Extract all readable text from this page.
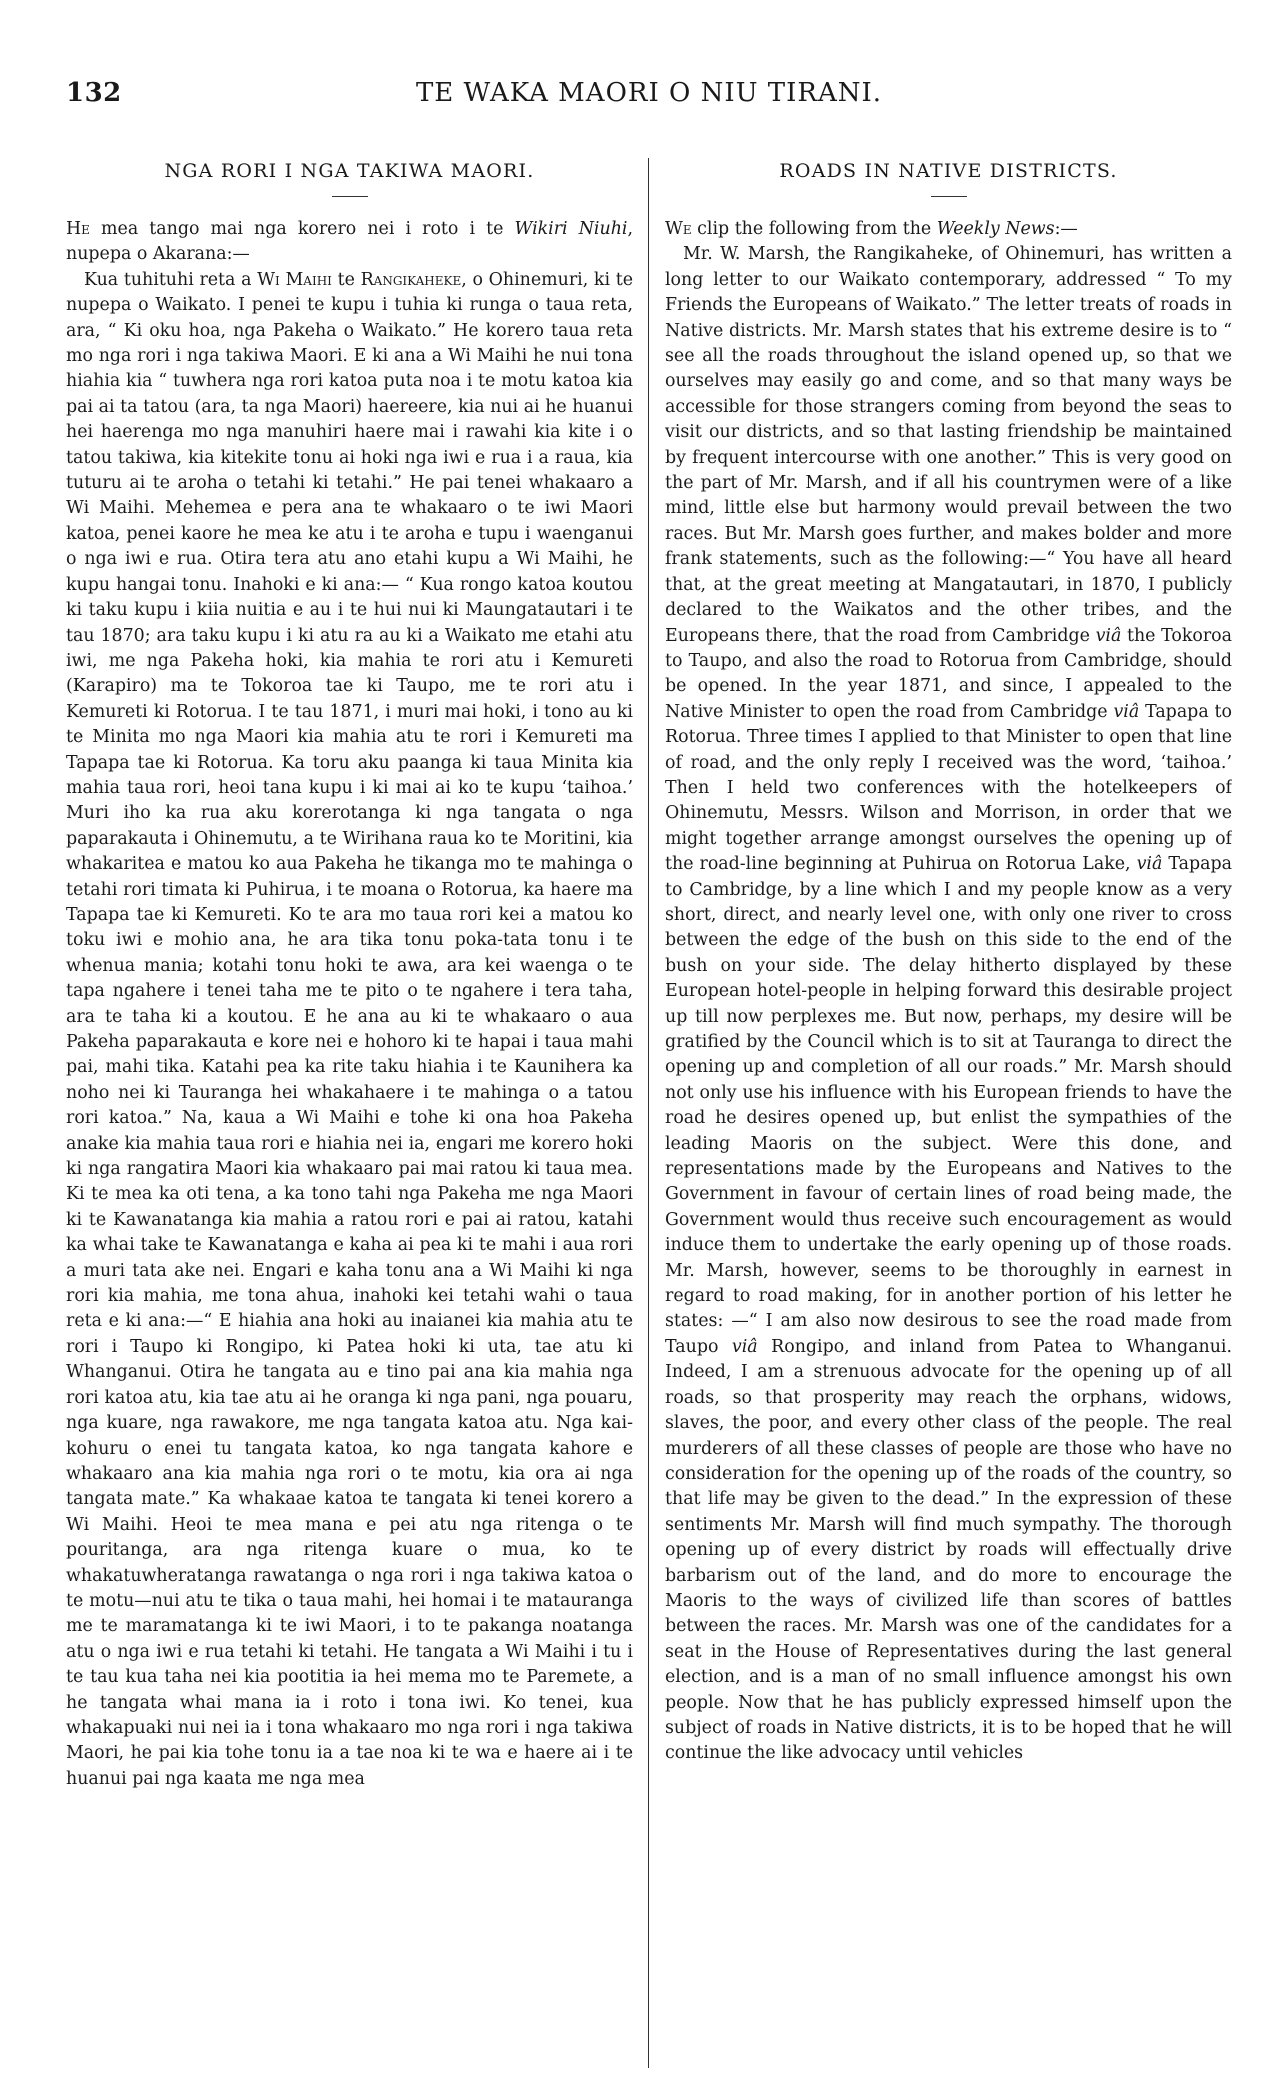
132	TE WAKA MAORI O NIU TIRANI.
NGA RORI I NGA TAKIWA MAORI.

He mea tango mai nga korero nei i roto i te Wikiri Niuhi, nupepa o Akarana:—

Kua tuhituhi reta a Wi Maihi te Rangikaheke, o Ohinemuri, ki te nupepa o Waikato. I penei te kupu i tuhia ki runga o taua reta, ara, “ Ki oku hoa, nga Pakeha o Waikato.” He korero taua reta mo nga rori i nga takiwa Maori. E ki ana a Wi Maihi he nui tona hiahia kia “ tuwhera nga rori katoa puta noa i te motu katoa kia pai ai ta tatou (ara, ta nga Maori) haereere, kia nui ai he huanui hei haerenga mo nga manuhiri haere mai i rawahi kia kite i o tatou takiwa, kia kitekite tonu ai hoki nga iwi e rua i a raua, kia tuturu ai te aroha o tetahi ki tetahi.” He pai tenei whakaaro a Wi Maihi. Mehemea e pera ana te whakaaro o te iwi Maori katoa, penei kaore he mea ke atu i te aroha e tupu i waenganui o nga iwi e rua. Otira tera atu ano etahi kupu a Wi Maihi, he kupu hangai tonu. Inahoki e ki ana:— “ Kua rongo katoa koutou ki taku kupu i kiia nuitia e au i te hui nui ki Maungatautari i te tau 1870; ara taku kupu i ki atu ra au ki a Waikato me etahi atu iwi, me nga Pakeha hoki, kia mahia te rori atu i Kemureti (Karapiro) ma te Tokoroa tae ki Taupo, me te rori atu i Kemureti ki Rotorua. I te tau 1871, i muri mai hoki, i tono au ki te Minita mo nga Maori kia mahia atu te rori i Kemureti ma Tapapa tae ki Rotorua. Ka toru aku paanga ki taua Minita kia mahia taua rori, heoi tana kupu i ki mai ai ko te kupu ‘taihoa.’ Muri iho ka rua aku korerotanga ki nga tangata o nga paparakauta i Ohinemutu, a te Wirihana raua ko te Moritini, kia whakaritea e matou ko aua Pakeha he tikanga mo te mahinga o tetahi rori timata ki Puhirua, i te moana o Rotorua, ka haere ma Tapapa tae ki Kemureti. Ko te ara mo taua rori kei a matou ko toku iwi e mohio ana, he ara tika tonu poka-tata tonu i te whenua mania; kotahi tonu hoki te awa, ara kei waenga o te tapa ngahere i tenei taha me te pito o te ngahere i tera taha, ara te taha ki a koutou. E he ana au ki te whakaaro o aua Pakeha paparakauta e kore nei e hohoro ki te hapai i taua mahi pai, mahi tika. Katahi pea ka rite taku hiahia i te Kaunihera ka noho nei ki Tauranga hei whakahaere i te mahinga o a tatou rori katoa.” Na, kaua a Wi Maihi e tohe ki ona hoa Pakeha anake kia mahia taua rori e hiahia nei ia, engari me korero hoki ki nga rangatira Maori kia whakaaro pai mai ratou ki taua mea. Ki te mea ka oti tena, a ka tono tahi nga Pakeha me nga Maori ki te Kawanatanga kia mahia a ratou rori e pai ai ratou, katahi ka whai take te Kawanatanga e kaha ai pea ki te mahi i aua rori a muri tata ake nei. Engari e kaha tonu ana a Wi Maihi ki nga rori kia mahia, me tona ahua, inahoki kei tetahi wahi o taua reta e ki ana:—“ E hiahia ana hoki au inaianei kia mahia atu te rori i Taupo ki Rongipo, ki Patea hoki ki uta, tae atu ki Whanganui. Otira he tangata au e tino pai ana kia mahia nga rori katoa atu, kia tae atu ai he oranga ki nga pani, nga pouaru, nga kuare, nga rawakore, me nga tangata katoa atu. Nga kai-kohuru o enei tu tangata katoa, ko nga tangata kahore e whakaaro ana kia mahia nga rori o te motu, kia ora ai nga tangata mate.” Ka whakaae katoa te tangata ki tenei korero a Wi Maihi. Heoi te mea mana e pei atu nga ritenga o te pouritanga, ara nga ritenga kuare o mua, ko te whakatuwheratanga rawatanga o nga rori i nga takiwa katoa o te motu—nui atu te tika o taua mahi, hei homai i te matauranga me te maramatanga ki te iwi Maori, i to te pakanga noatanga atu o nga iwi e rua tetahi ki tetahi. He tangata a Wi Maihi i tu i te tau kua taha nei kia pootitia ia hei mema mo te Paremete, a he tangata whai mana ia i roto i tona iwi. Ko tenei, kua whakapuaki nui nei ia i tona whakaaro mo nga rori i nga takiwa Maori, he pai kia tohe tonu ia a tae noa ki te wa e haere ai i te huanui pai nga kaata me nga mea

ROADS IN NATIVE DISTRICTS.

We clip the following from the Weekly News:—

Mr. W. Marsh, the Rangikaheke, of Ohinemuri, has written a long letter to our Waikato contemporary, addressed “ To my Friends the Europeans of Waikato.” The letter treats of roads in Native districts. Mr. Marsh states that his extreme desire is to “ see all the roads throughout the island opened up, so that we ourselves may easily go and come, and so that many ways be accessible for those strangers coming from beyond the seas to visit our districts, and so that lasting friendship be maintained by frequent intercourse with one another.” This is very good on the part of Mr. Marsh, and if all his countrymen were of a like mind, little else but harmony would prevail between the two races. But Mr. Marsh goes further, and makes bolder and more frank statements, such as the following:—“ You have all heard that, at the great meeting at Mangatautari, in 1870, I publicly declared to the Waikatos and the other tribes, and the Europeans there, that the road from Cambridge viâ the Tokoroa to Taupo, and also the road to Rotorua from Cambridge, should be opened. In the year 1871, and since, I appealed to the Native Minister to open the road from Cambridge viâ Tapapa to Rotorua. Three times I applied to that Minister to open that line of road, and the only reply I received was the word, ‘taihoa.’ Then I held two conferences with the hotelkeepers of Ohinemutu, Messrs. Wilson and Morrison, in order that we might together arrange amongst ourselves the opening up of the road-line beginning at Puhirua on Rotorua Lake, viâ Tapapa to Cambridge, by a line which I and my people know as a very short, direct, and nearly level one, with only one river to cross between the edge of the bush on this side to the end of the bush on your side. The delay hitherto displayed by these European hotel-people in helping forward this desirable project up till now perplexes me. But now, perhaps, my desire will be gratified by the Council which is to sit at Tauranga to direct the opening up and completion of all our roads.” Mr. Marsh should not only use his influence with his European friends to have the road he desires opened up, but enlist the sympathies of the leading Maoris on the subject. Were this done, and representations made by the Europeans and Natives to the Government in favour of certain lines of road being made, the Government would thus receive such encouragement as would induce them to undertake the early opening up of those roads. Mr. Marsh, however, seems to be thoroughly in earnest in regard to road making, for in another portion of his letter he states: —“ I am also now desirous to see the road made from Taupo viâ Rongipo, and inland from Patea to Whanganui. Indeed, I am a strenuous advocate for the opening up of all roads, so that prosperity may reach the orphans, widows, slaves, the poor, and every other class of the people. The real murderers of all these classes of people are those who have no consideration for the opening up of the roads of the country, so that life may be given to the dead.” In the expression of these sentiments Mr. Marsh will find much sympathy. The thorough opening up of every district by roads will effectually drive barbarism out of the land, and do more to encourage the Maoris to the ways of civilized life than scores of battles between the races. Mr. Marsh was one of the candidates for a seat in the House of Representatives during the last general election, and is a man of no small influence amongst his own people. Now that he has publicly expressed himself upon the subject of roads in Native districts, it is to be hoped that he will continue the like advocacy until vehicles
